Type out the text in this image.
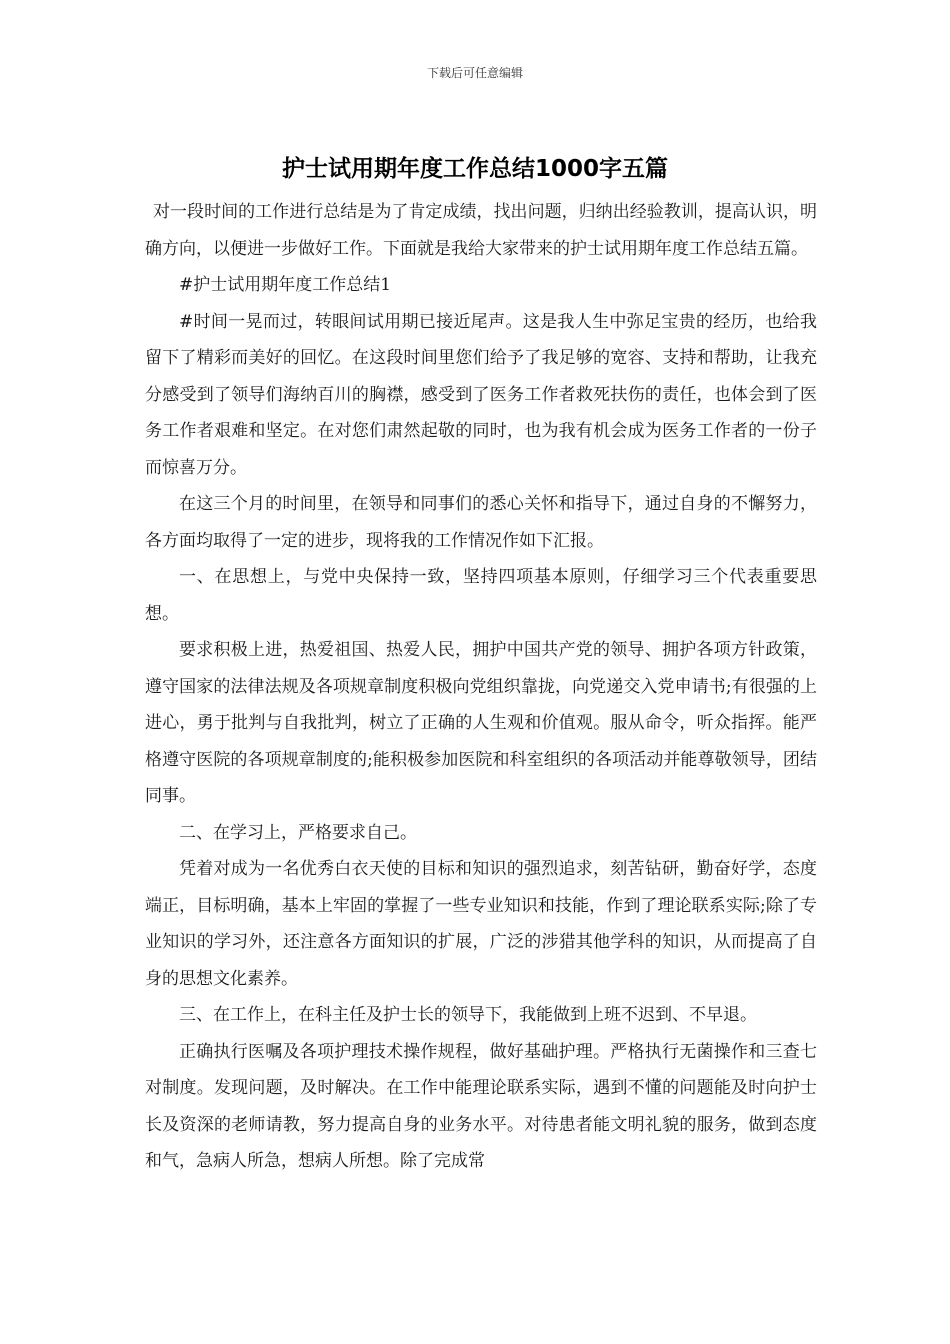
下载后可任意编辑
护士试用期年度工作总结1000字五篇

对一段时间的工作进行总结是为了肯定成绩，找出问题，归纳出经验教训，提高认识，明确方向，以便进一步做好工作。下面就是我给大家带来的护士试用期年度工作总结五篇。

#护士试用期年度工作总结1

#时间一晃而过，转眼间试用期已接近尾声。这是我人生中弥足宝贵的经历，也给我留下了精彩而美好的回忆。在这段时间里您们给予了我足够的宽容、支持和帮助，让我充分感受到了领导们海纳百川的胸襟，感受到了医务工作者救死扶伤的责任，也体会到了医务工作者艰难和坚定。在对您们肃然起敬的同时，也为我有机会成为医务工作者的一份子而惊喜万分。

在这三个月的时间里，在领导和同事们的悉心关怀和指导下，通过自身的不懈努力，各方面均取得了一定的进步，现将我的工作情况作如下汇报。

一、在思想上，与党中央保持一致，坚持四项基本原则，仔细学习三个代表重要思想。

要求积极上进，热爱祖国、热爱人民，拥护中国共产党的领导、拥护各项方针政策，遵守国家的法律法规及各项规章制度积极向党组织靠拢，向党递交入党申请书;有很强的上进心，勇于批判与自我批判，树立了正确的人生观和价值观。服从命令，听众指挥。能严格遵守医院的各项规章制度的;能积极参加医院和科室组织的各项活动并能尊敬领导，团结同事。

二、在学习上，严格要求自己。

凭着对成为一名优秀白衣天使的目标和知识的强烈追求，刻苦钻研，勤奋好学，态度端正，目标明确，基本上牢固的掌握了一些专业知识和技能，作到了理论联系实际;除了专业知识的学习外，还注意各方面知识的扩展，广泛的涉猎其他学科的知识，从而提高了自身的思想文化素养。

三、在工作上，在科主任及护士长的领导下，我能做到上班不迟到、不早退。

正确执行医嘱及各项护理技术操作规程，做好基础护理。严格执行无菌操作和三查七对制度。发现问题，及时解决。在工作中能理论联系实际，遇到不懂的问题能及时向护士长及资深的老师请教，努力提高自身的业务水平。对待患者能文明礼貌的服务，做到态度和气，急病人所急，想病人所想。除了完成常
